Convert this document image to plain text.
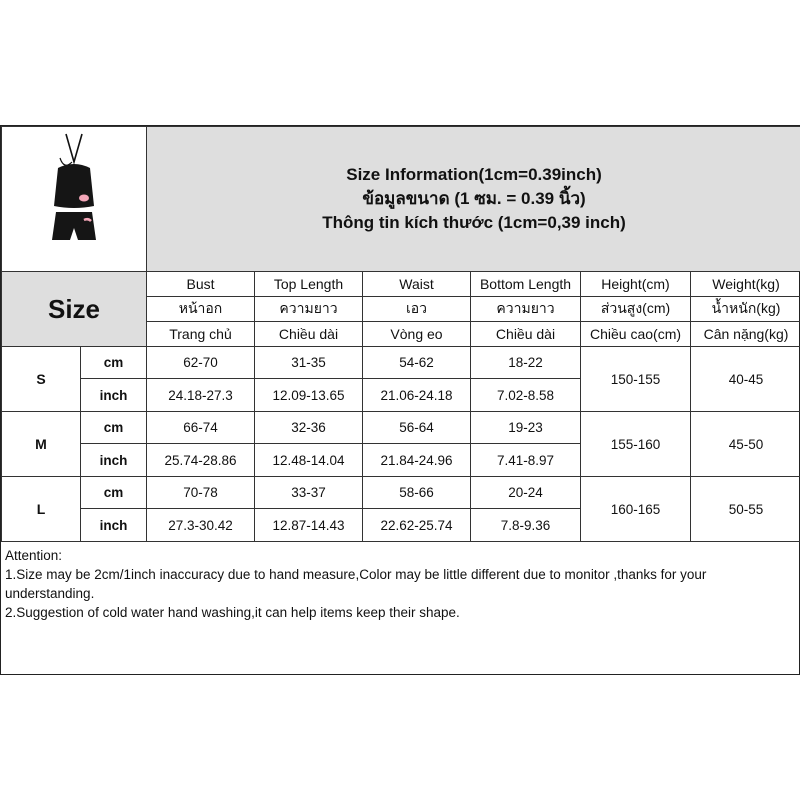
Size Information(1cm=0.39inch)
ข้อมูลขนาด (1 ซม. = 0.39 นิ้ว)
Thông tin kích thước (1cm=0,39 inch)					

Size		Bust	Top Length	Waist	Bottom Length	Height(cm)	Weight(kg)
		หน้าอก	ความยาว	เอว	ความยาว	ส่วนสูง(cm)	น้ำหนัก(kg)
		Trang chủ	Chiều dài	Vòng eo	Chiều dài	Chiều cao(cm)	Cân nặng(kg)
S	cm	62-70	31-35	54-62	18-22	150-155	40-45
	inch	24.18-27.3	12.09-13.65	21.06-24.18	7.02-8.58		
M	cm	66-74	32-36	56-64	19-23	155-160	45-50
	inch	25.74-28.86	12.48-14.04	21.84-24.96	7.41-8.97		
L	cm	70-78	33-37	58-66	20-24	160-165	50-55
	inch	27.3-30.42	12.87-14.43	22.62-25.74	7.8-9.36		

Attention:

1.Size may be 2cm/1inch inaccuracy due to hand measure,Color may be little different due to monitor ,thanks for your understanding.

2.Suggestion of cold water hand washing,it can help items keep their shape.
